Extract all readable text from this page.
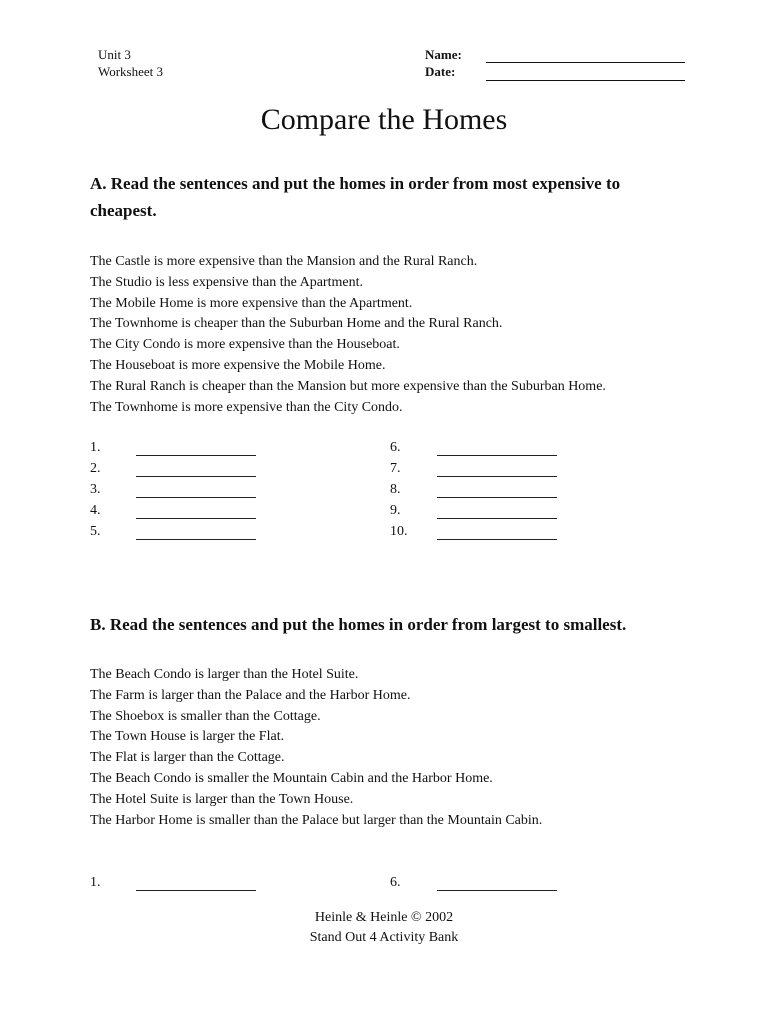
Unit 3
Worksheet 3
Name:
Date:
Compare the Homes
A. Read the sentences and put the homes in order from most expensive to cheapest.
The Castle is more expensive than the Mansion and the Rural Ranch.
The Studio is less expensive than the Apartment.
The Mobile Home is more expensive than the Apartment.
The Townhome is cheaper than the Suburban Home and the Rural Ranch.
The City Condo is more expensive than the Houseboat.
The Houseboat is more expensive the Mobile Home.
The Rural Ranch is cheaper than the Mansion but more expensive than the Suburban Home.
The Townhome is more expensive than the City Condo.
1.
2.
3.
4.
5.
6.
7.
8.
9.
10.
B. Read the sentences and put the homes in order from largest to smallest.
The Beach Condo is larger than the Hotel Suite.
The Farm is larger than the Palace and the Harbor Home.
The Shoebox is smaller than the Cottage.
The Town House is larger the Flat.
The Flat is larger than the Cottage.
The Beach Condo is smaller the Mountain Cabin and the Harbor Home.
The Hotel Suite is larger than the Town House.
The Harbor Home is smaller than the Palace but larger than the Mountain Cabin.
1.	6.
Heinle & Heinle © 2002
Stand Out 4 Activity Bank
